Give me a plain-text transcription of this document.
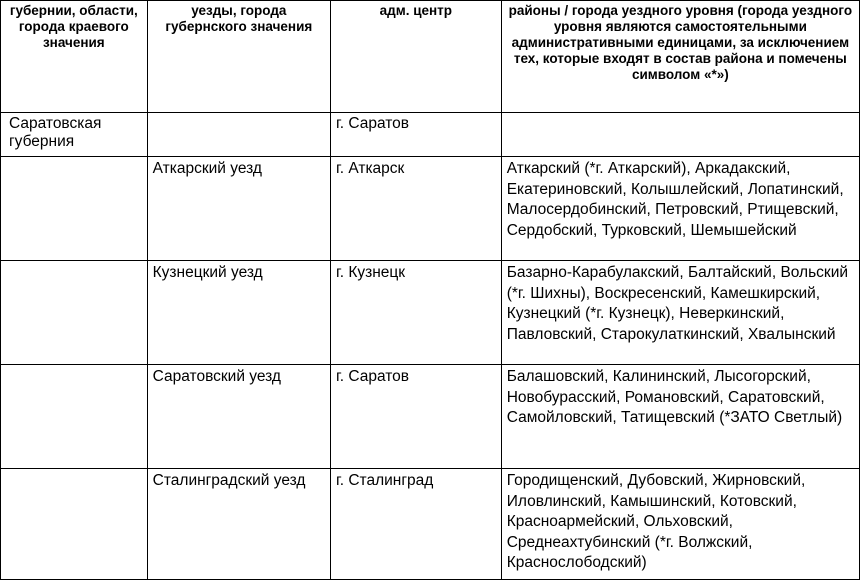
губернии, области, города краевого значения	уезды, города губернского значения	адм. центр	районы / города уездного уровня (города уездного уровня являются самостоятельными административными единицами, за исключением тех, которые входят в состав района и помечены символом «*»)
Саратовская губерния		г. Саратов	
	Аткарский уезд	г. Аткарск	Аткарский (*г. Аткарский), Аркадакский, Екатериновский, Колышлейский, Лопатинский, Малосердобинский, Петровский, Ртищевский, Сердобский, Турковский, Шемышейский
	Кузнецкий уезд	г. Кузнецк	Базарно-Карабулакский, Балтайский, Вольский (*г. Шихны), Воскресенский, Камешкирский, Кузнецкий (*г. Кузнецк), Неверкинский, Павловский, Старокулаткинский, Хвалынский
	Саратовский уезд	г. Саратов	Балашовский, Калининский, Лысогорский, Новобурасский, Романовский, Саратовский, Самойловский, Татищевский (*ЗАТО Светлый)
	Сталинградский уезд	г. Сталинград	Городищенский, Дубовский, Жирновский, Иловлинский, Камышинский, Котовский, Красноармейский, Ольховский, Среднеахтубинский (*г. Волжский, Краснослободский)
